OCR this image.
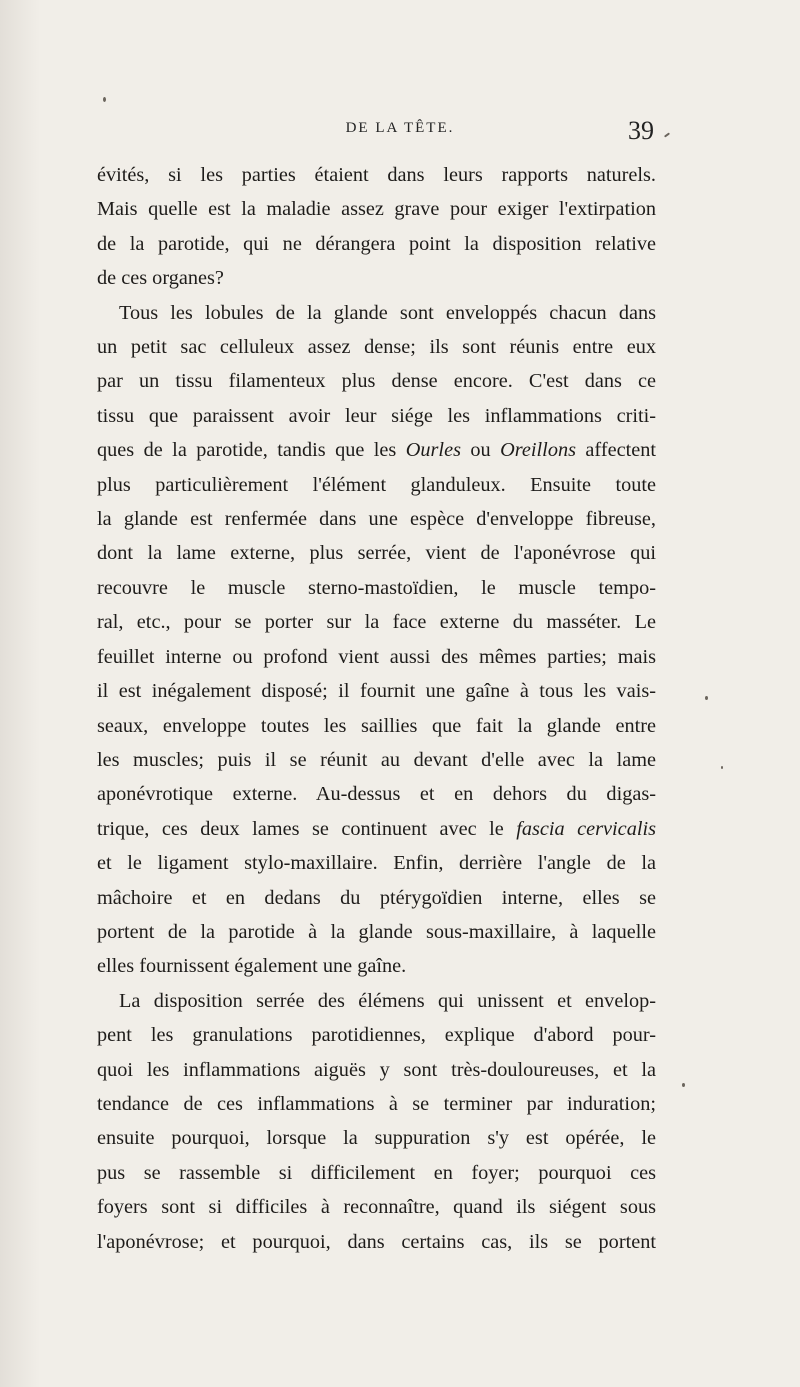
DE LA TÊTE.	39
évités, si les parties étaient dans leurs rapports naturels.
Mais quelle est la maladie assez grave pour exiger l'extirpation
de la parotide, qui ne dérangera point la disposition relative
de ces organes?
Tous les lobules de la glande sont enveloppés chacun dans
un petit sac celluleux assez dense; ils sont réunis entre eux
par un tissu filamenteux plus dense encore. C'est dans ce
tissu que paraissent avoir leur siége les inflammations criti-
ques de la parotide, tandis que les Ourles ou Oreillons affectent
plus particulièrement l'élément glanduleux. Ensuite toute
la glande est renfermée dans une espèce d'enveloppe fibreuse,
dont la lame externe, plus serrée, vient de l'aponévrose qui
recouvre le muscle sterno-mastoïdien, le muscle tempo-
ral, etc., pour se porter sur la face externe du masséter. Le
feuillet interne ou profond vient aussi des mêmes parties; mais
il est inégalement disposé; il fournit une gaîne à tous les vais-
seaux, enveloppe toutes les saillies que fait la glande entre
les muscles; puis il se réunit au devant d'elle avec la lame
aponévrotique externe. Au-dessus et en dehors du digas-
trique, ces deux lames se continuent avec le fascia cervicalis
et le ligament stylo-maxillaire. Enfin, derrière l'angle de la
mâchoire et en dedans du ptérygoïdien interne, elles se
portent de la parotide à la glande sous-maxillaire, à laquelle
elles fournissent également une gaîne.
La disposition serrée des élémens qui unissent et envelop-
pent les granulations parotidiennes, explique d'abord pour-
quoi les inflammations aiguës y sont très-douloureuses, et la
tendance de ces inflammations à se terminer par induration;
ensuite pourquoi, lorsque la suppuration s'y est opérée, le
pus se rassemble si difficilement en foyer; pourquoi ces
foyers sont si difficiles à reconnaître, quand ils siégent sous
l'aponévrose; et pourquoi, dans certains cas, ils se portent
